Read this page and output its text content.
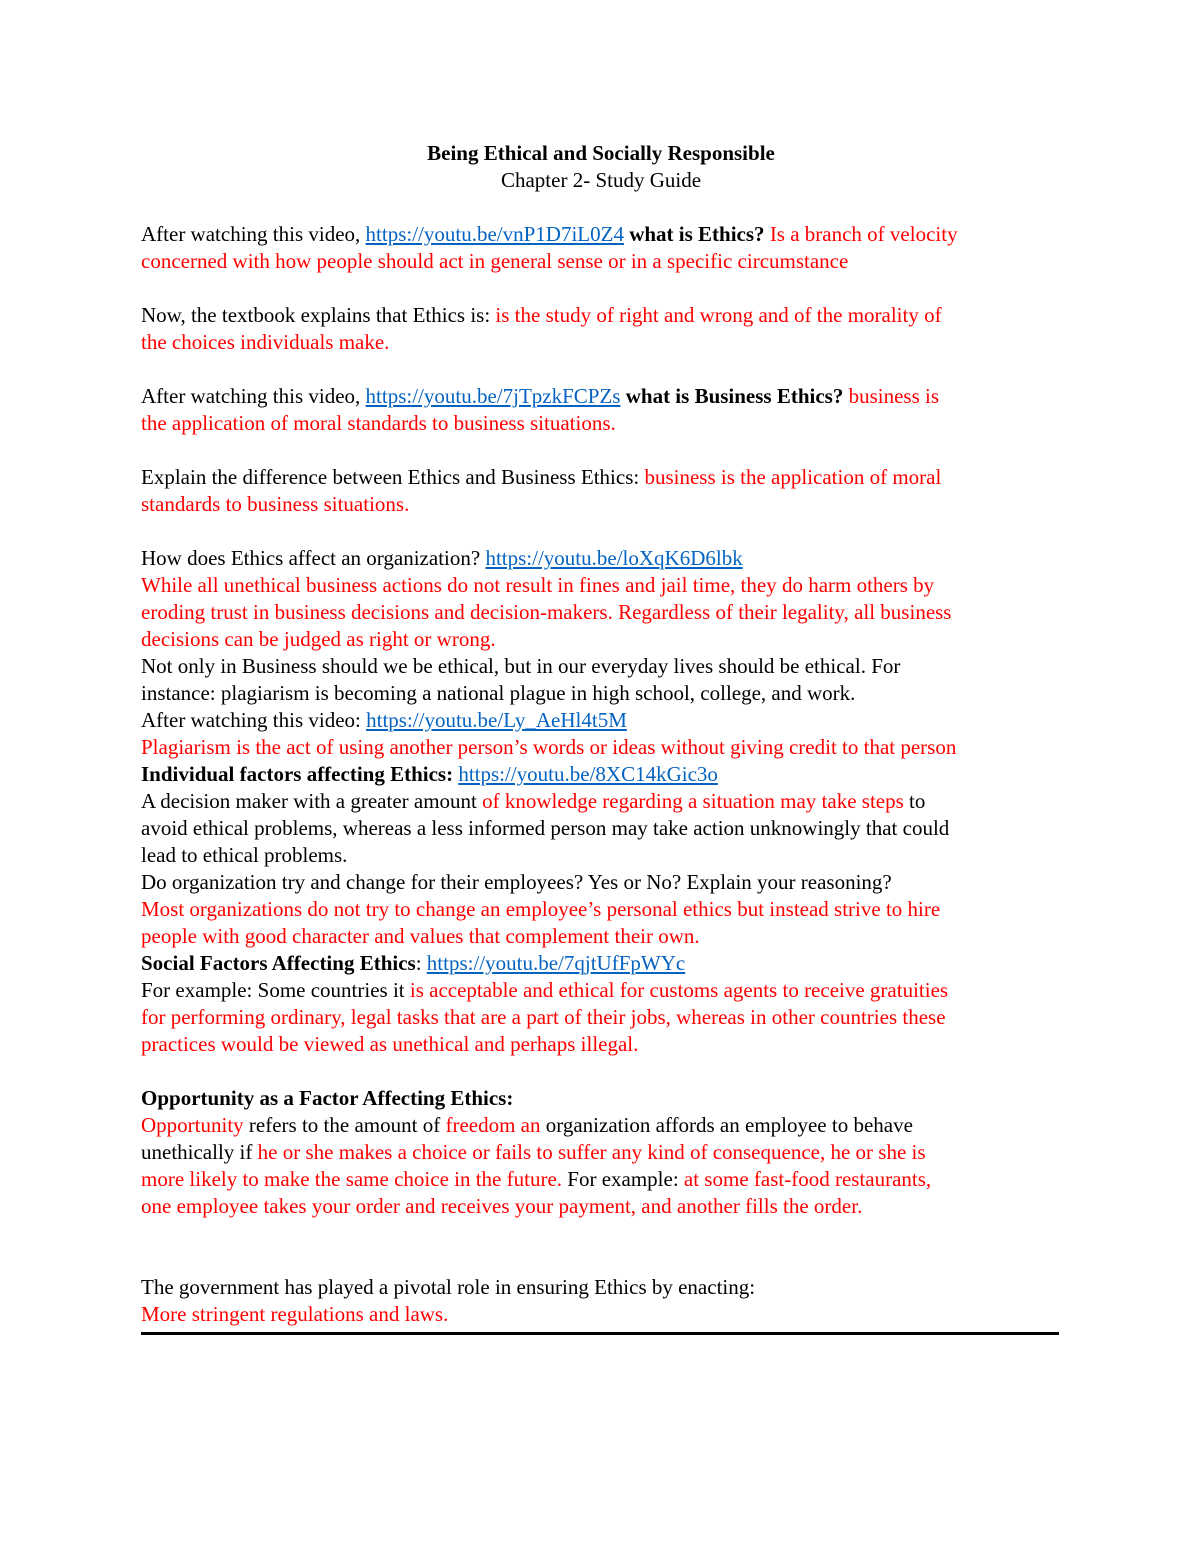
Being Ethical and Socially Responsible

Chapter 2- Study Guide

After watching this video, https://youtu.be/vnP1D7iL0Z4 what is Ethics? Is a branch of velocity

concerned with how people should act in general sense or in a specific circumstance

Now, the textbook explains that Ethics is: is the study of right and wrong and of the morality of

the choices individuals make.

After watching this video, https://youtu.be/7jTpzkFCPZs what is Business Ethics? business is

the application of moral standards to business situations.

Explain the difference between Ethics and Business Ethics: business is the application of moral

standards to business situations.

How does Ethics affect an organization? https://youtu.be/loXqK6D6lbk

While all unethical business actions do not result in fines and jail time, they do harm others by

eroding trust in business decisions and decision-makers. Regardless of their legality, all business

decisions can be judged as right or wrong.

Not only in Business should we be ethical, but in our everyday lives should be ethical. For

instance: plagiarism is becoming a national plague in high school, college, and work.

After watching this video: https://youtu.be/Ly_AeHl4t5M

Plagiarism is the act of using another person’s words or ideas without giving credit to that person

Individual factors affecting Ethics: https://youtu.be/8XC14kGic3o

A decision maker with a greater amount of knowledge regarding a situation may take steps to

avoid ethical problems, whereas a less informed person may take action unknowingly that could

lead to ethical problems.

Do organization try and change for their employees? Yes or No? Explain your reasoning?

Most organizations do not try to change an employee’s personal ethics but instead strive to hire

people with good character and values that complement their own.

Social Factors Affecting Ethics: https://youtu.be/7qjtUfFpWYc

For example: Some countries it is acceptable and ethical for customs agents to receive gratuities

for performing ordinary, legal tasks that are a part of their jobs, whereas in other countries these

practices would be viewed as unethical and perhaps illegal.

Opportunity as a Factor Affecting Ethics:

Opportunity refers to the amount of freedom an organization affords an employee to behave

unethically if he or she makes a choice or fails to suffer any kind of consequence, he or she is

more likely to make the same choice in the future. For example: at some fast-food restaurants,

one employee takes your order and receives your payment, and another fills the order.

The government has played a pivotal role in ensuring Ethics by enacting:

More stringent regulations and laws.
